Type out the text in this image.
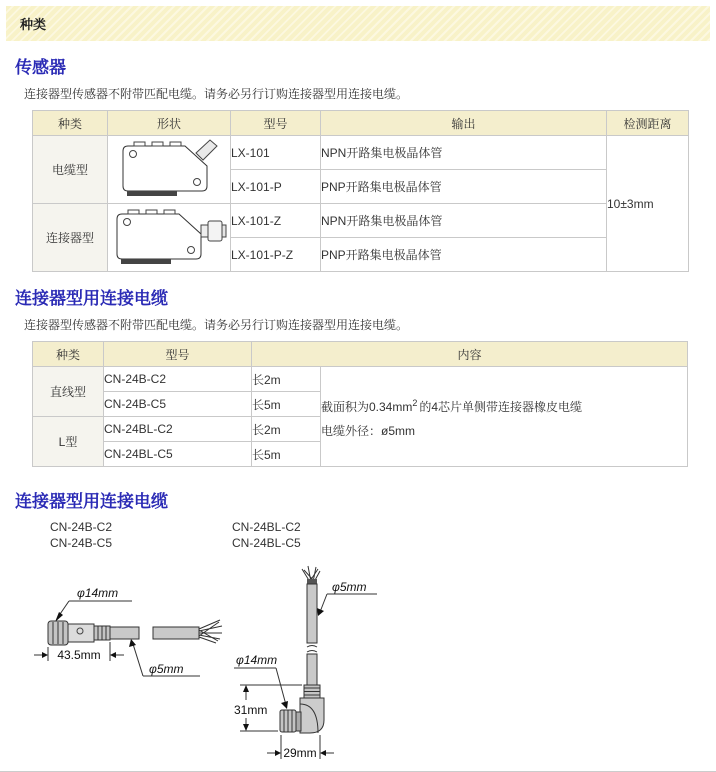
种类
传感器

连接器型传感器不附带匹配电缆。请务必另行订购连接器型用连接电缆。

种类	形状	型号	输出	检测距离
电缆型		LX-101	NPN开路集电极晶体管	10±3mm
		LX-101-P	PNP开路集电极晶体管	
连接器型		LX-101-Z	NPN开路集电极晶体管	
		LX-101-P-Z	PNP开路集电极晶体管	
连接器型用连接电缆

连接器型传感器不附带匹配电缆。请务必另行订购连接器型用连接电缆。

种类	型号	内容	
直线型	CN-24B-C2	长2m	截面积为$0.34mm^2$ 的4芯片单侧带连接器橡皮电缆
电缆外径：ø5mm

	CN-24B-C5	长5m	
L型	CN-24BL-C2	长2m	
	CN-24BL-C5	长5m	
连接器型用连接电缆
CN-24B-C2
CN-24B-C5
CN-24BL-C2
CN-24BL-C5
φ14mm
43.5mm
φ5mm
φ5mm
φ14mm
31mm
29mm
